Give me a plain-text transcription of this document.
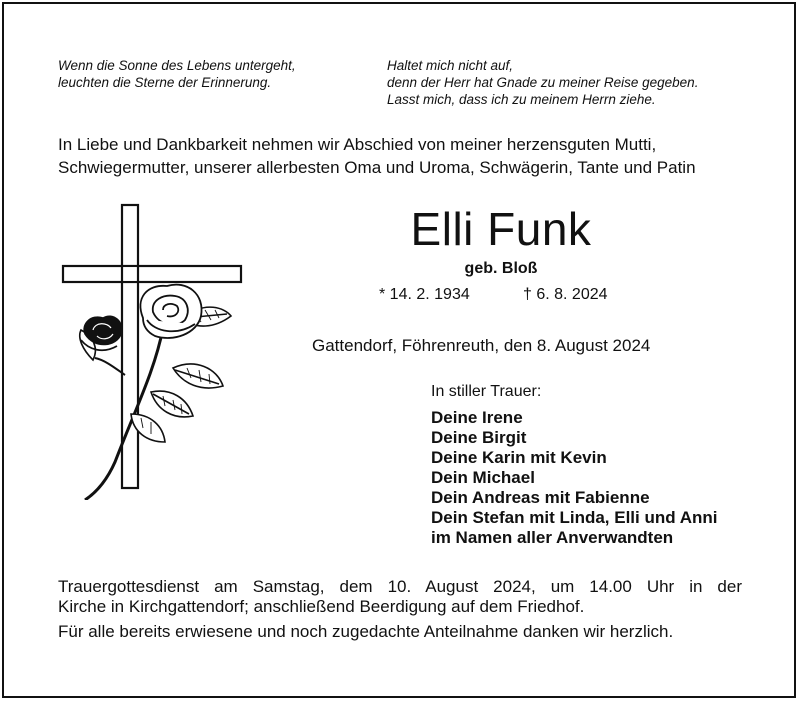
Wenn die Sonne des Lebens untergeht,
leuchten die Sterne der Erinnerung.
Haltet mich nicht auf,
denn der Herr hat Gnade zu meiner Reise gegeben.
Lasst mich, dass ich zu meinem Herrn ziehe.
In Liebe und Dankbarkeit nehmen wir Abschied von meiner herzensguten Mutti,
Schwiegermutter, unserer allerbesten Oma und Uroma, Schwägerin, Tante und Patin
Elli Funk
geb. Bloß
* 14. 2. 1934	† 6. 8. 2024
Gattendorf, Föhrenreuth, den 8. August 2024
In stiller Trauer:
Deine Irene
Deine Birgit
Deine Karin mit Kevin
Dein Michael
Dein Andreas mit Fabienne
Dein Stefan mit Linda, Elli und Anni
im Namen aller Anverwandten
Trauergottesdienst am Samstag, dem 10. August 2024, um 14.00 Uhr in der
Kirche in Kirchgattendorf; anschließend Beerdigung auf dem Friedhof.
Für alle bereits erwiesene und noch zugedachte Anteilnahme danken wir herzlich.
